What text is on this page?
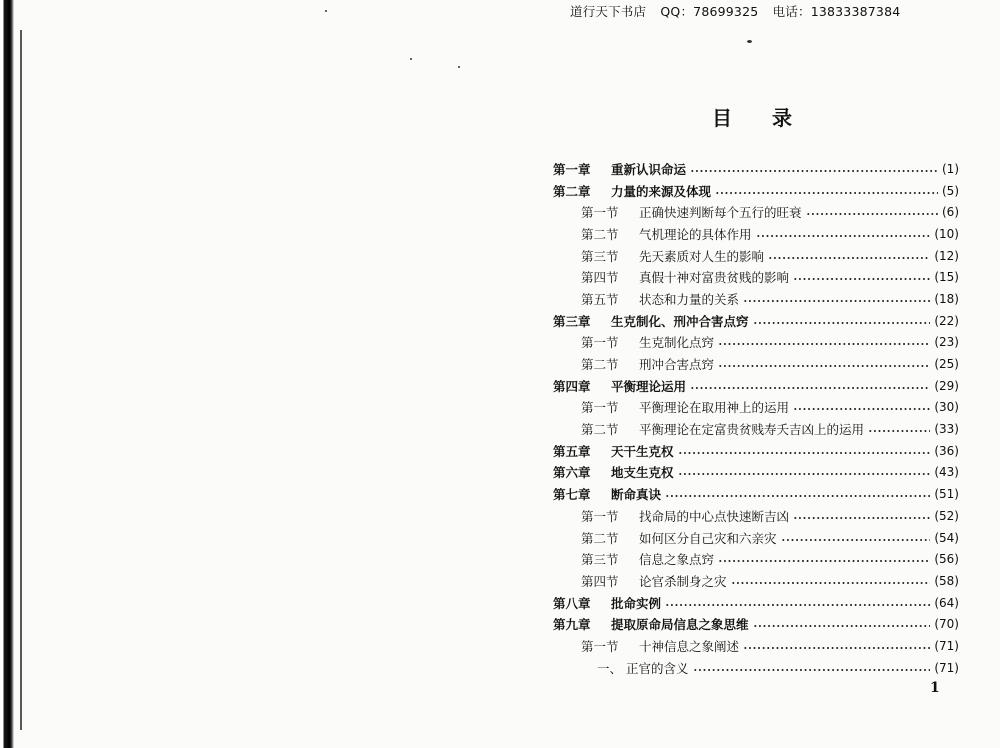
道行天下书店 QQ：78699325 电话：13833387384
目录
第一章	重新认识命运	(1)
第二章	力量的来源及体现	(5)
第一节	正确快速判断每个五行的旺衰	(6)
第二节	气机理论的具体作用	(10)
第三节	先天素质对人生的影响	(12)
第四节	真假十神对富贵贫贱的影响	(15)
第五节	状态和力量的关系	(18)
第三章	生克制化、刑冲合害点窍	(22)
第一节	生克制化点窍	(23)
第二节	刑冲合害点窍	(25)
第四章	平衡理论运用	(29)
第一节	平衡理论在取用神上的运用	(30)
第二节	平衡理论在定富贵贫贱寿夭吉凶上的运用	(33)
第五章	天干生克权	(36)
第六章	地支生克权	(43)
第七章	断命真诀	(51)
第一节	找命局的中心点快速断吉凶	(52)
第二节	如何区分自己灾和六亲灾	(54)
第三节	信息之象点窍	(56)
第四节	论官杀制身之灾	(58)
第八章	批命实例	(64)
第九章	提取原命局信息之象思维	(70)
第一节	十神信息之象阐述	(71)
一、 正官的含义	(71)
1
